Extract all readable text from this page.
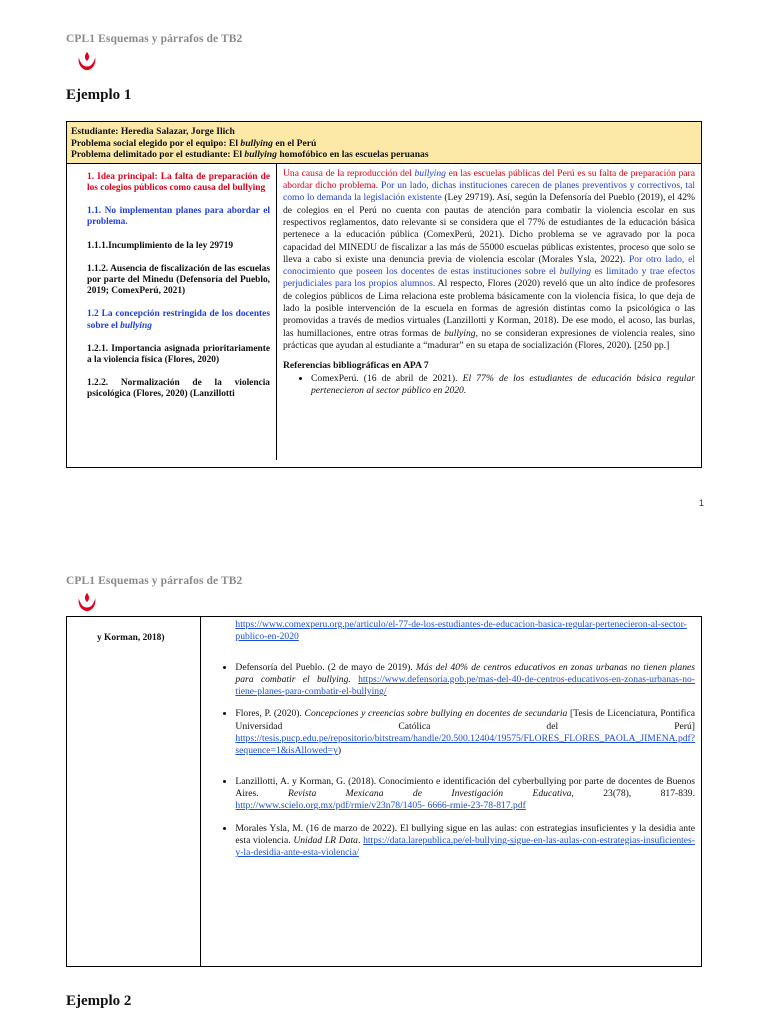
CPL1 Esquemas y párrafos de TB2
Ejemplo 1
Estudiante: Heredia Salazar, Jorge Ilich
Problema social elegido por el equipo: El bullying en el Perú
Problema delimitado por el estudiante: El bullying homofóbico en las escuelas peruanas

1. Idea principal: La falta de preparación de los colegios públicos como causa del bullying

1.1. No implementan planes para abordar el problema.

1.1.1.Incumplimiento de la ley 29719

1.1.2. Ausencia de fiscalización de las escuelas por parte del Minedu (Defensoría del Pueblo, 2019; ComexPerú, 2021)

1.2 La concepción restringida de los docentes sobre el bullying

1.2.1. Importancia asignada prioritariamente a la violencia física (Flores, 2020)

1.2.2. Normalización de la violencia psicológica (Flores, 2020) (Lanzillotti

Una causa de la reproducción del bullying en las escuelas públicas del Perú es su falta de preparación para abordar dicho problema. Por un lado, dichas instituciones carecen de planes preventivos y correctivos, tal como lo demanda la legislación existente (Ley 29719). Así, según la Defensoría del Pueblo (2019), el 42% de colegios en el Perú no cuenta con pautas de atención para combatir la violencia escolar en sus respectivos reglamentos, dato relevante si se considera que el 77% de estudiantes de la educación básica pertenece a la educación pública (ComexPerú, 2021). Dicho problema se ve agravado por la poca capacidad del MINEDU de fiscalizar a las más de 55000 escuelas públicas existentes, proceso que solo se lleva a cabo si existe una denuncia previa de violencia escolar (Morales Ysla, 2022). Por otro lado, el conocimiento que poseen los docentes de estas instituciones sobre el bullying es limitado y trae efectos perjudiciales para los propios alumnos. Al respecto, Flores (2020) reveló que un alto índice de profesores de colegios públicos de Lima relaciona este problema básicamente con la violencia física, lo que deja de lado la posible intervención de la escuela en formas de agresión distintas como la psicológica o las promovidas a través de medios virtuales (Lanzillotti y Korman, 2018). De ese modo, el acoso, las burlas, las humillaciones, entre otras formas de bullying, no se consideran expresiones de violencia reales, sino prácticas que ayudan al estudiante a “madurar” en su etapa de socialización (Flores, 2020). [250 pp.]

Referencias bibliográficas en APA 7

• ComexPerú. (16 de abril de 2021). El 77% de los estudiantes de educación básica regular pertenecieron al sector público en 2020.
1
CPL1 Esquemas y párrafos de TB2

y Korman, 2018)

https://www.comexperu.org.pe/articulo/el-77-de-los-estudiantes-de-educacion-basica-regular-pertenecieron-al-sector-publico-en-2020
• Defensoría del Pueblo. (2 de mayo de 2019). Más del 40% de centros educativos en zonas urbanas no tienen planes para combatir el bullying. https://www.defensoria.gob.pe/mas-del-40-de-centros-educativos-en-zonas-urbanas-no-tiene-planes-para-combatir-el-bullying/
• Flores, P. (2020). Concepciones y creencias sobre bullying en docentes de secundaria [Tesis de Licenciatura, Pontifica Universidad Católica del Perú] https://tesis.pucp.edu.pe/repositorio/bitstream/handle/20.500.12404/19575/FLORES_FLORES_PAOLA_JIMENA.pdf?sequence=1&isAllowed=y)
• Lanzillotti, A. y Korman, G. (2018). Conocimiento e identificación del cyberbullying por parte de docentes de Buenos Aires. Revista Mexicana de Investigación Educativa, 23(78), 817-839. http://www.scielo.org.mx/pdf/rmie/v23n78/1405- 6666-rmie-23-78-817.pdf
• Morales Ysla, M. (16 de marzo de 2022). El bullying sigue en las aulas: con estrategias insuficientes y la desidia ante esta violencia. Unidad LR Data. https://data.larepublica.pe/el-bullying-sigue-en-las-aulas-con-estrategias-insuficientes-y-la-desidia-ante-esta-violencia/
Ejemplo 2
